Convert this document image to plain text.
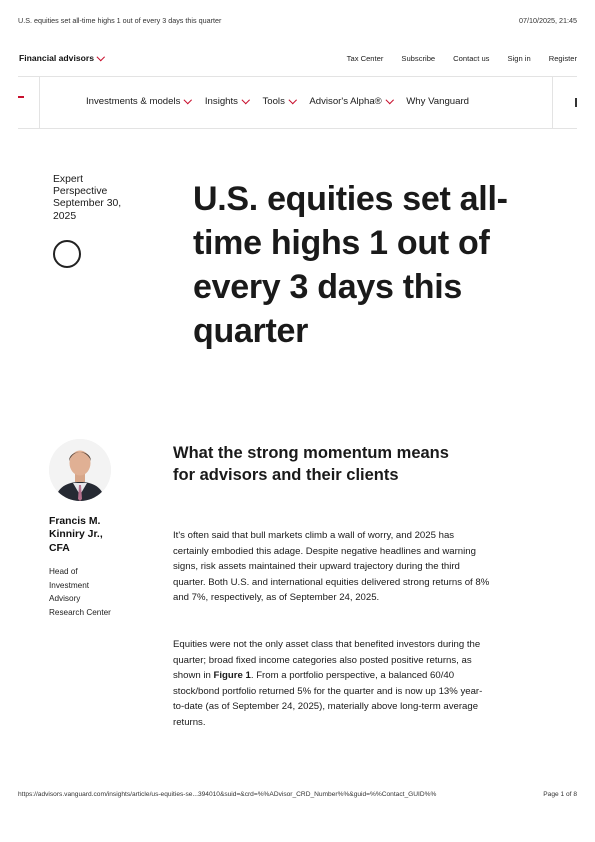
U.S. equities set all-time highs 1 out of every 3 days this quarter	07/10/2025, 21:45
Financial advisors	Tax Center Subscribe Contact us Sign in Register
Investments & models	Insights	Tools	Advisor's Alpha®	Why Vanguard
Expert
Perspective
September 30,
2025	U.S. equities set all-time highs 1 out of every 3 days this quarter
Francis M.
Kinniry Jr.,
CFA
Head of
Investment
Advisory
Research Center
What the strong momentum means for advisors and their clients

It's often said that bull markets climb a wall of worry, and 2025 has certainly embodied this adage. Despite negative headlines and warning signs, risk assets maintained their upward trajectory during the third quarter. Both U.S. and international equities delivered strong returns of 8% and 7%, respectively, as of September 24, 2025.

Equities were not the only asset class that benefited investors during the quarter; broad fixed income categories also posted positive returns, as shown in Figure 1. From a portfolio perspective, a balanced 60/40 stock/bond portfolio returned 5% for the quarter and is now up 13% year-to-date (as of September 24, 2025), materially above long-term average returns.

https://advisors.vanguard.com/insights/article/us-equities-se...394010&suid=&crd=%%ADvisor_CRD_Number%%&guid=%%Contact_GUID%%	Page 1 of 8
